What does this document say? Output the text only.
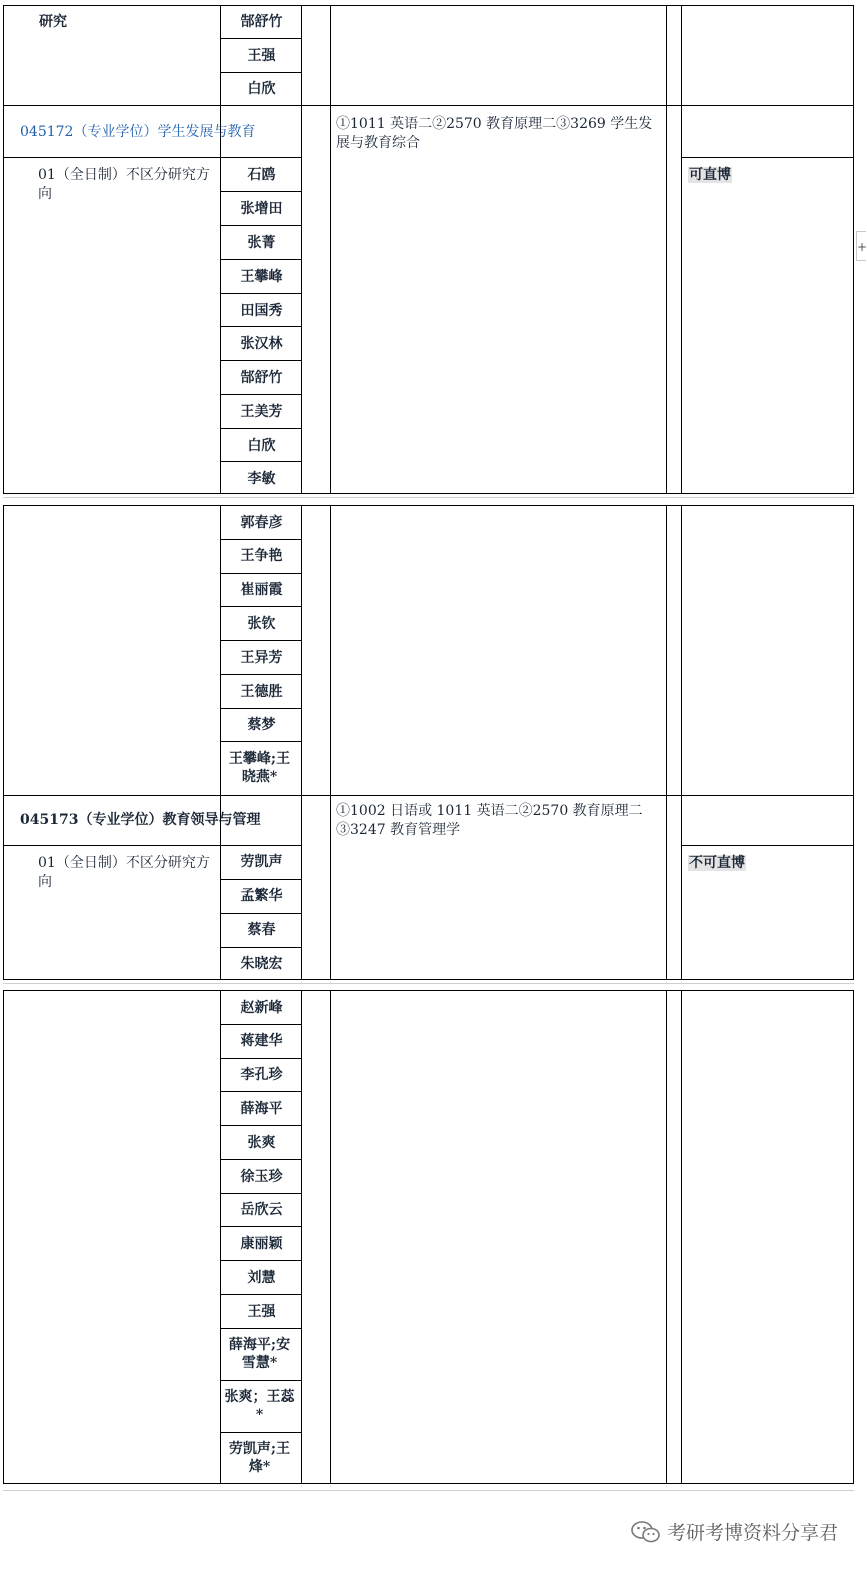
研究	郜舒竹
王强
白欣
045172（专业学位）学生发展与教育	①1011 英语二②2570 教育原理二③3269 学生发展与教育综合
01（全日制）不区分研究方向
可直博
石鸥
张增田
张菁
王攀峰
田国秀
张汉林
郜舒竹
王美芳
白欣
李敏
郭春彦
王争艳
崔丽霞
张钦
王异芳
王德胜
蔡梦
王攀峰;王晓燕*
045173（专业学位）教育领导与管理
①1002 日语或 1011 英语二②2570 教育原理二③3247 教育管理学
01（全日制）不区分研究方向
不可直博
劳凯声
孟繁华
蔡春
朱晓宏
赵新峰
蒋建华
李孔珍
薛海平
张爽
徐玉珍
岳欣云
康丽颖
刘慧
王强
薛海平;安雪慧*
张爽；王蕊*
劳凯声;王烽*
+
考研考博资料分享君
